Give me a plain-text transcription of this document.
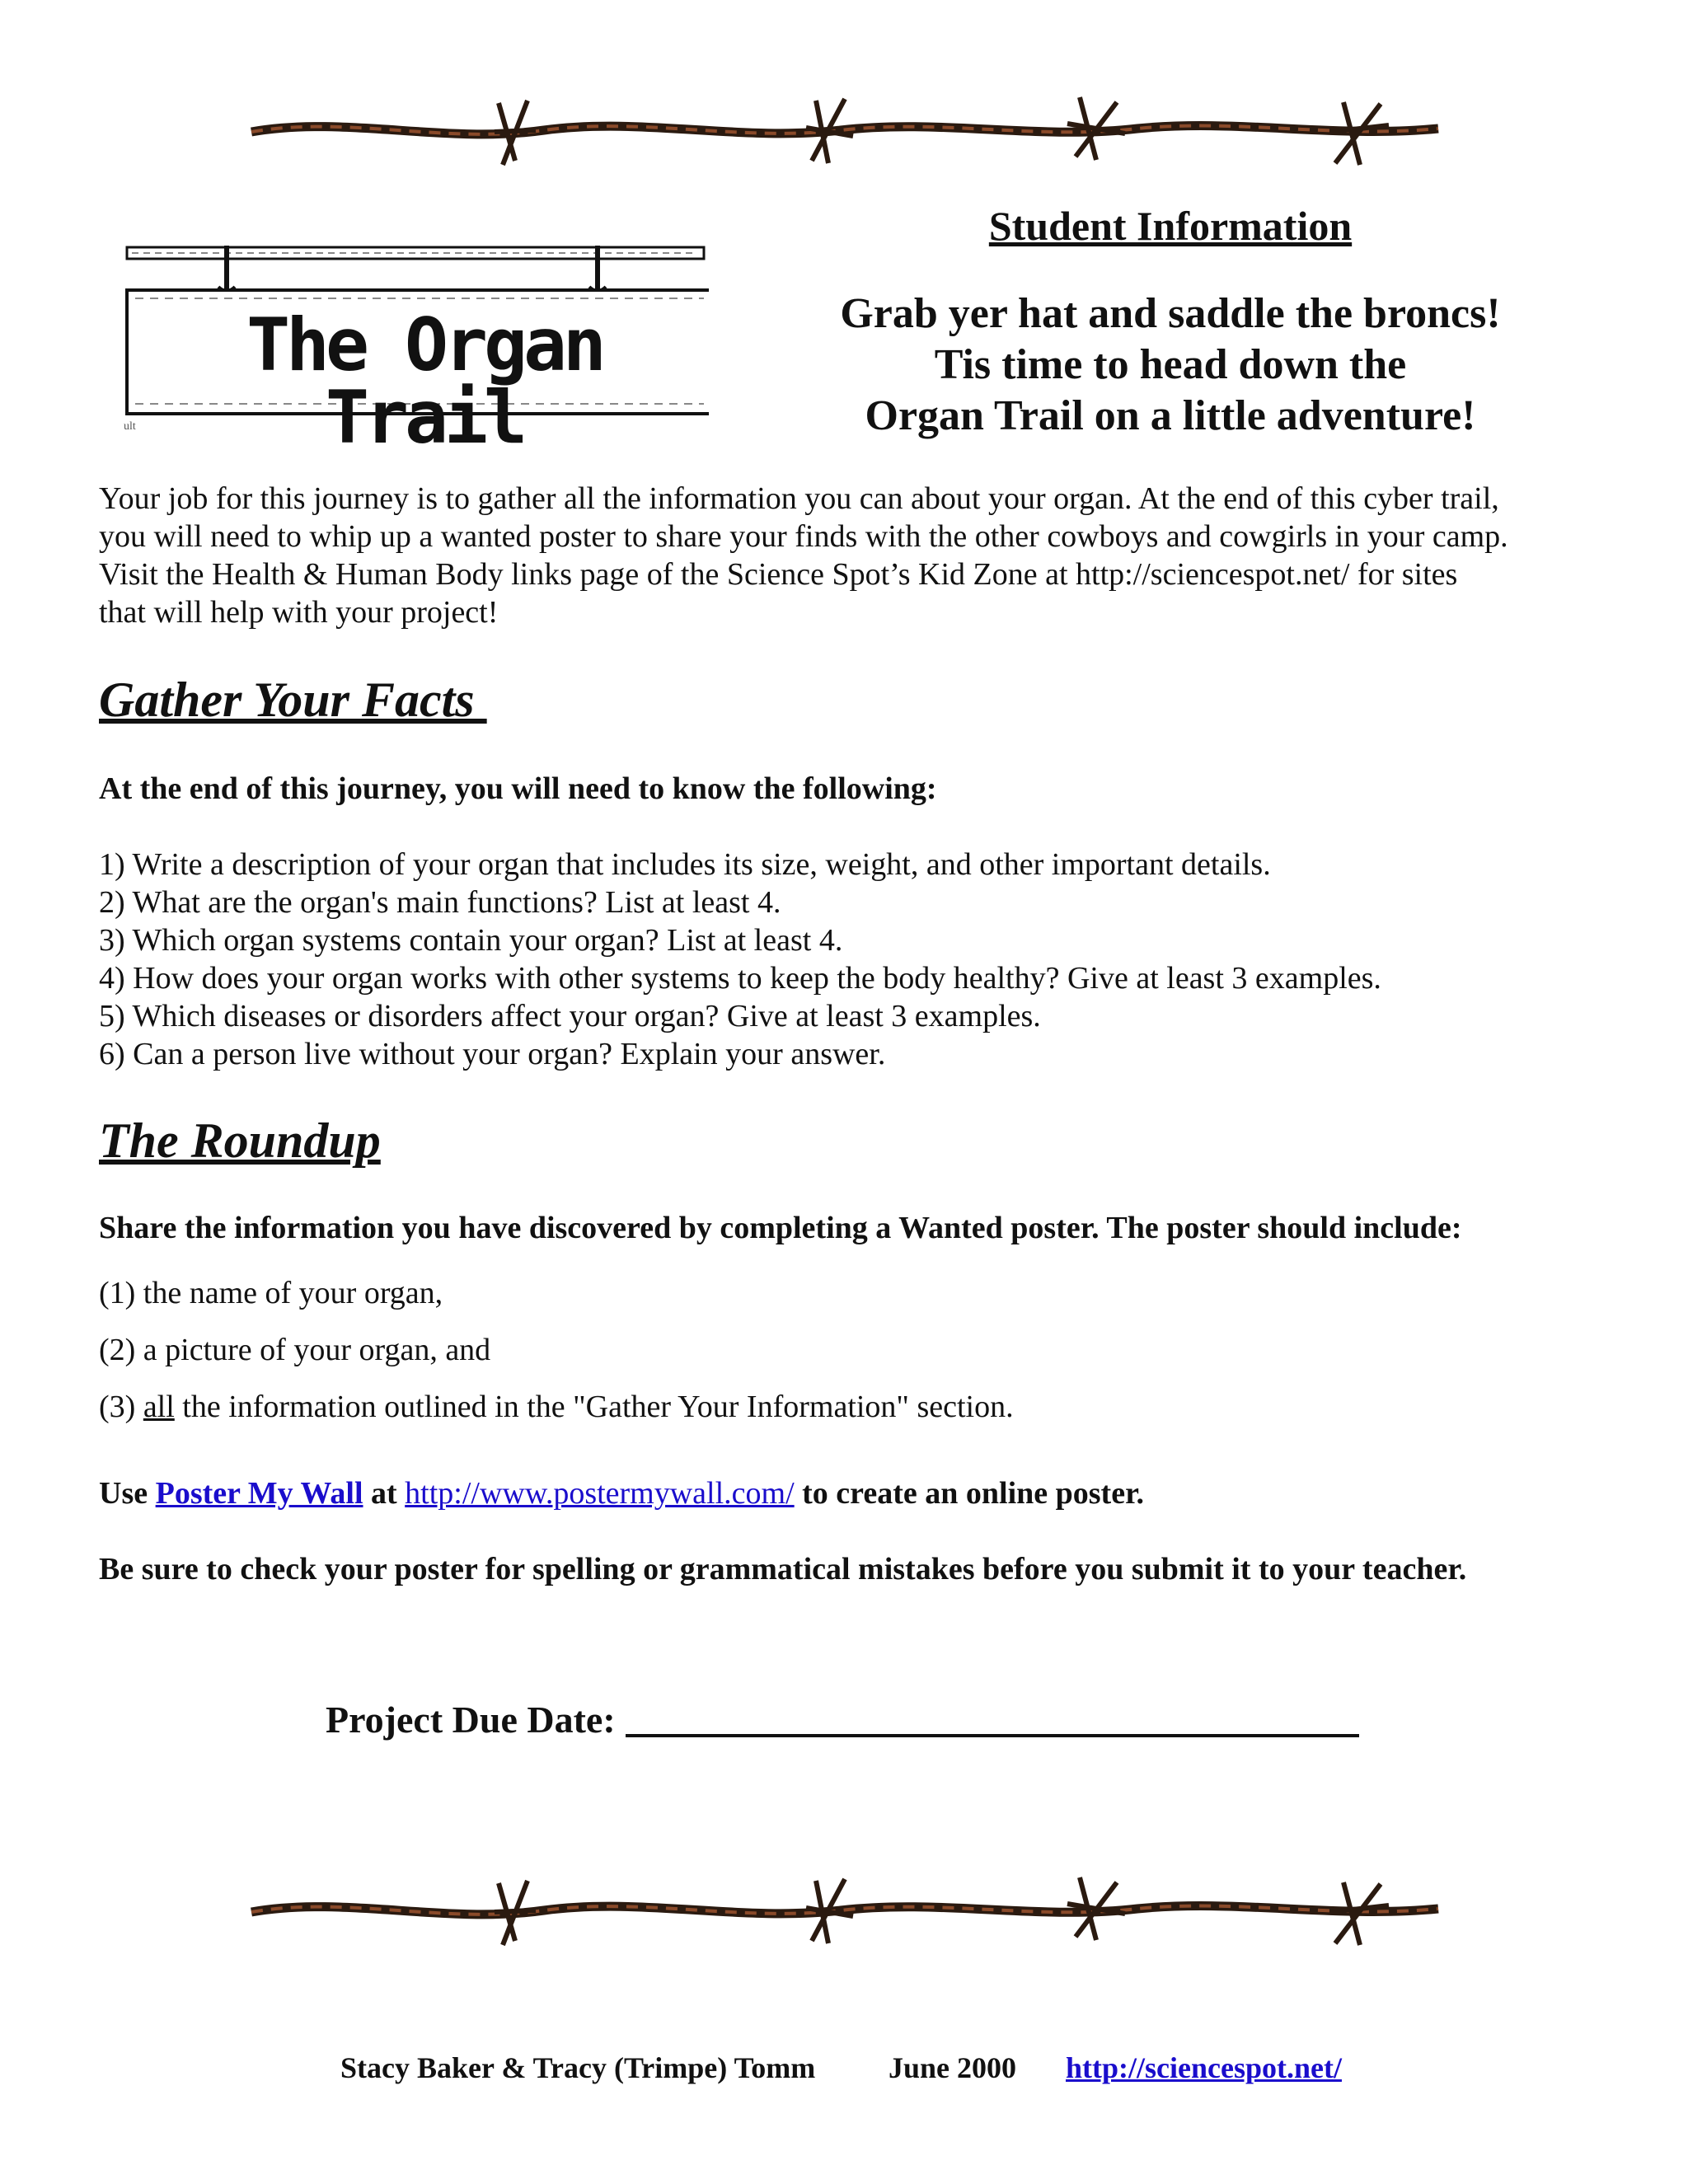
The Organ Trail
ult
Student Information
Grab yer hat and saddle the broncs!
Tis time to head down the
Organ Trail on a little adventure!
Your job for this journey is to gather all the information you can about your organ. At the end of this cyber trail,
you will need to whip up a wanted poster to share your finds with the other cowboys and cowgirls in your camp.
Visit the Health & Human Body links page of the Science Spot’s Kid Zone at http://sciencespot.net/ for sites
that will help with your project!
Gather Your Facts
At the end of this journey, you will need to know the following:
1) Write a description of your organ that includes its size, weight, and other important details.
2) What are the organ's main functions? List at least 4.
3) Which organ systems contain your organ? List at least 4.
4) How does your organ works with other systems to keep the body healthy? Give at least 3 examples.
5) Which diseases or disorders affect your organ? Give at least 3 examples.
6) Can a person live without your organ? Explain your answer.
The Roundup
Share the information you have discovered by completing a Wanted poster. The poster should include:
(1) the name of your organ,
(2) a picture of your organ, and
(3) all the information outlined in the "Gather Your Information" section.
Use Poster My Wall at http://www.postermywall.com/ to create an online poster.
Be sure to check your poster for spelling or grammatical mistakes before you submit it to your teacher.
Project Due Date:
Stacy Baker & Tracy (Trimpe) Tomm June 2000 http://sciencespot.net/
